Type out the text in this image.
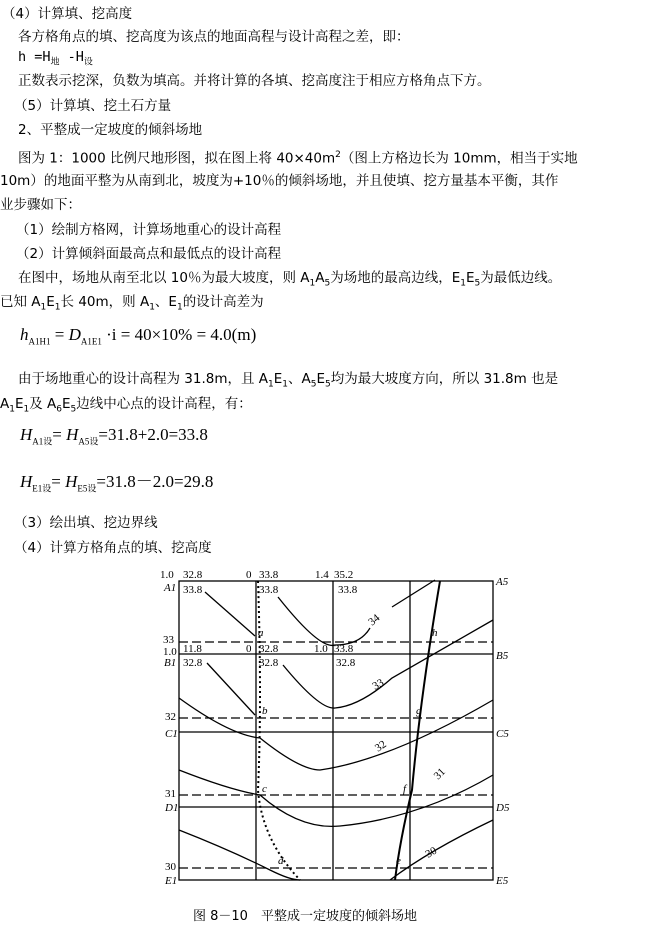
（4）计算填、挖高度
各方格角点的填、挖高度为该点的地面高程与设计高程之差，即：
$h =H_地$ $-H_设$
正数表示挖深，负数为填高。并将计算的各填、挖高度注于相应方格角点下方。
（5）计算填、挖土石方量
2、平整成一定坡度的倾斜场地
图为 1：1000 比例尺地形图，拟在图上将 $40\times 40m^2$（图上方格边长为 10mm，相当于实地
10m）的地面平整为从南到北，坡度为+10％的倾斜场地，并且使填、挖方量基本平衡，其作
业步骤如下：
（1）绘制方格网，计算场地重心的设计高程
（2）计算倾斜面最高点和最低点的设计高程
在图中，场地从南至北以 10％为最大坡度，则 $A_1A_5$为场地的最高边线，$E_1E_5$为最低边线。
已知 $A_1E_1$长 40m，则 $A_1$、$E_1$的设计高差为
$h_{A1H1} = D_{A1E1} \cdot i = 40\times 10\% = 4.0(m)$
由于场地重心的设计高程为 31.8m，且 $A_1E_1$、$A_5E_5$均为最大坡度方向，所以 31.8m 也是
$A_1E_1$及 $A_6E_5$边线中心点的设计高程，有：
$H_{A1设}= H_{A5设}=31.8+2.0=33.8$
$H_{E1设}= H_{E5设}=31.8-2.0=29.8$
（3）绘出填、挖边界线
（4）计算方格角点的填、挖高度
1.0 32.8	0 33.8	1.4 35.2
A1 33.8	33.8	33.8
A5
33
1.0 11.8	0 32.8	1.0 33.8
B5
B1 32.8	32.8	32.8
32
C1	C5
31
D1	D5
30
E1	E5
a
b
c
d	e
f
g
h
34
33
32
31
30
图 8－10　平整成一定坡度的倾斜场地
